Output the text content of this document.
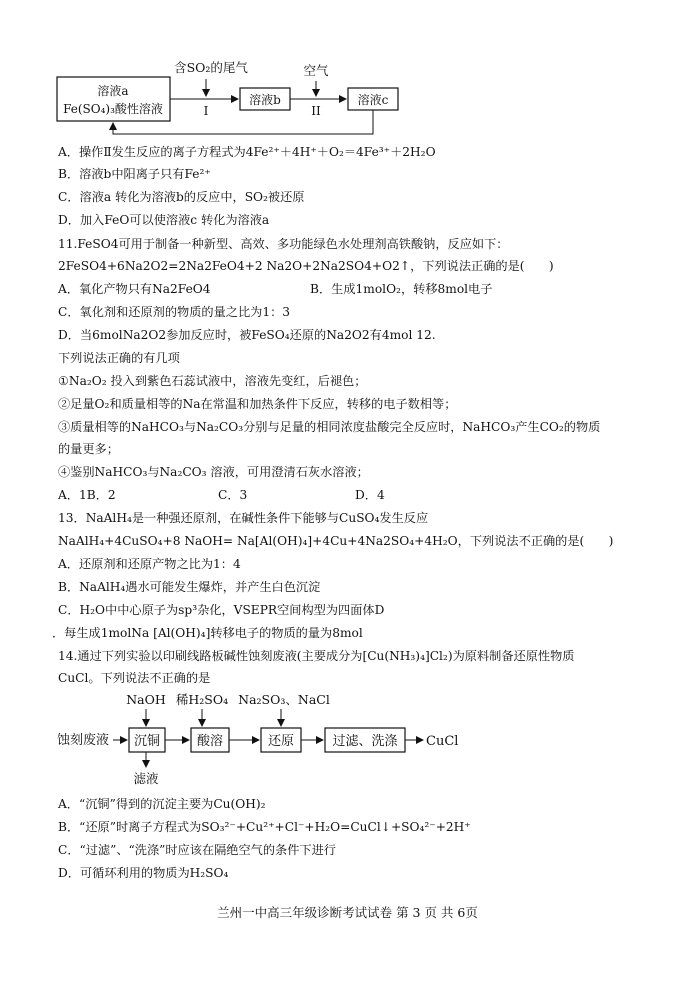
溶液a
Fe(SO₄)₃酸性溶液
含SO₂的尾气
I
溶液b
空气
II
溶液c
A．操作Ⅱ发生反应的离子方程式为4Fe²⁺＋4H⁺＋O₂＝4Fe³⁺＋2H₂O
B．溶液b中阳离子只有Fe²⁺
C．溶液a 转化为溶液b的反应中，SO₂被还原
D．加入FeO可以使溶液c 转化为溶液a
11.FeSO4可用于制备一种新型、高效、多功能绿色水处理剂高铁酸钠，反应如下：
2FeSO4+6Na2O2=2Na2FeO4+2 Na2O+2Na2SO4+O2↑，下列说法正确的是(　　)
A．氧化产物只有Na2FeO4	B．生成1molO₂，转移8mol电子
C．氧化剂和还原剂的物质的量之比为1：3
D．当6molNa2O2参加反应时，被FeSO₄还原的Na2O2有4mol 12.
下列说法正确的有几项
①Na₂O₂ 投入到紫色石蕊试液中，溶液先变红，后褪色；
②足量O₂和质量相等的Na在常温和加热条件下反应，转移的电子数相等；
③质量相等的NaHCO₃与Na₂CO₃分别与足量的相同浓度盐酸完全反应时，NaHCO₃产生CO₂的物质
的量更多；
④鉴别NaHCO₃与Na₂CO₃ 溶液，可用澄清石灰水溶液；
A．1B．2	C．3	D．4
13．NaAlH₄是一种强还原剂，在碱性条件下能够与CuSO₄发生反应
NaAlH₄+4CuSO₄+8 NaOH= Na[Al(OH)₄]+4Cu+4Na2SO₄+4H₂O，下列说法不正确的是(　　)
A．还原剂和还原产物之比为1：4
B．NaAlH₄遇水可能发生爆炸，并产生白色沉淀
C．H₂O中中心原子为sp³杂化，VSEPR空间构型为四面体D
．每生成1molNa [Al(OH)₄]转移电子的物质的量为8mol
14.通过下列实验以印刷线路板碱性蚀刻废液(主要成分为[Cu(NH₃)₄]Cl₂)为原料制备还原性物质
CuCl。下列说法不正确的是
蚀刻废液 沉铜
NaOH
滤液
酸溶
稀H₂SO₄
还原
Na₂SO₃、NaCl
过滤、洗涤 CuCl
A．“沉铜”得到的沉淀主要为Cu(OH)₂
B．“还原”时离子方程式为SO₃²⁻+Cu²⁺+Cl⁻+H₂O=CuCl↓+SO₄²⁻+2H⁺
C．“过滤”、“洗涤”时应该在隔绝空气的条件下进行
D．可循环利用的物质为H₂SO₄
兰州一中高三年级诊断考试试卷 第 3 页 共 6页
